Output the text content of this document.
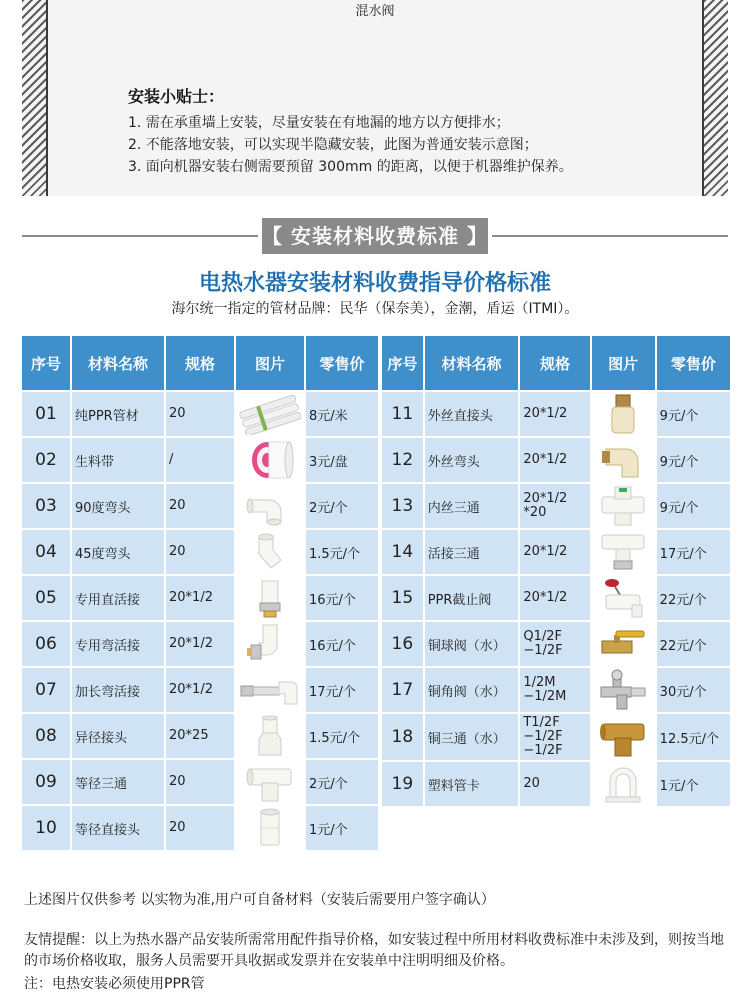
混水阀
安装小贴士：
1. 需在承重墙上安装，尽量安装在有地漏的地方以方便排水；
2. 不能落地安装，可以实现半隐藏安装，此图为普通安装示意图；
3. 面向机器安装右侧需要预留 300mm 的距离，以便于机器维护保养。
【 安装材料收费标准 】
电热水器安装材料收费指导价格标准
海尔统一指定的管材品牌：民华（保奈美），金潮，盾运（ITMI）。
序号	材料名称	规格	图片	零售价
01	纯PPR管材	20		8元/米
02	生料带	/		3元/盘
03	90度弯头	20		2元/个
04	45度弯头	20		1.5元/个
05	专用直活接	20*1/2		16元/个
06	专用弯活接	20*1/2		16元/个
07	加长弯活接	20*1/2		17元/个
08	异径接头	20*25		1.5元/个
09	等径三通	20		2元/个
10	等径直接头	20		1元/个
序号	材料名称	规格	图片	零售价
11	外丝直接头	20*1/2		9元/个
12	外丝弯头	20*1/2		9元/个
13	内丝三通	20*1/2
*20		9元/个
14	活接三通	20*1/2		17元/个
15	PPR截止阀	20*1/2		22元/个
16	铜球阀（水）	Q1/2F
−1/2F		22元/个
17	铜角阀（水）	1/2M
−1/2M		30元/个
18	铜三通（水）	T1/2F
−1/2F
−1/2F		12.5元/个
19	塑料管卡	20		1元/个

上述图片仅供参考 以实物为准,用户可自备材料（安装后需要用户签字确认）
友情提醒：以上为热水器产品安装所需常用配件指导价格，如安装过程中所用材料收费标准中未涉及到，则按当地的市场价格收取，服务人员需要开具收据或发票并在安装单中注明明细及价格。
注：电热安装必须使用PPR管
